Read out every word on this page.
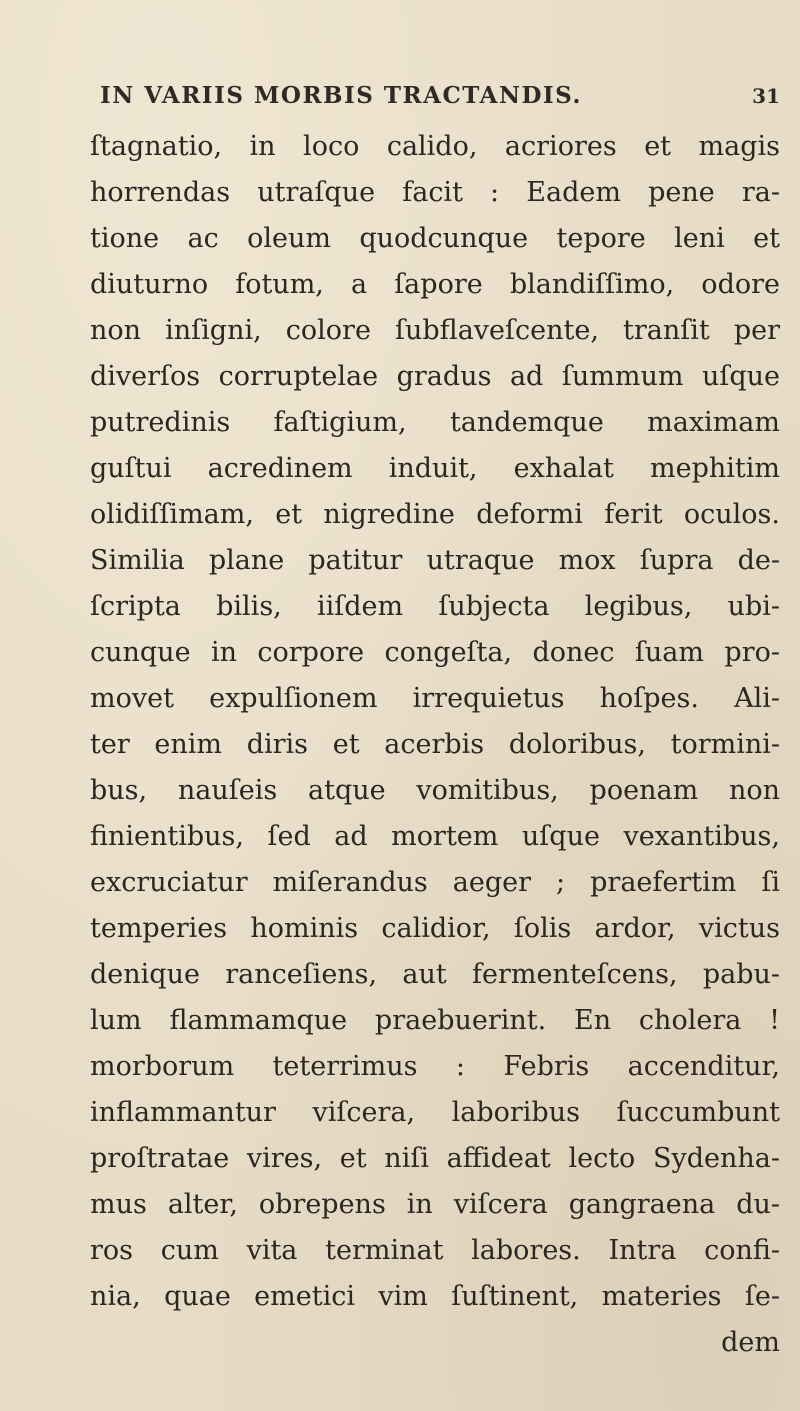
IN VARIIS MORBIS TRACTANDIS.	31
ſtagnatio, in loco calido, acriores et magis
horrendas utraſque facit : Eadem pene ra-
tione ac oleum quodcunque tepore leni et
diuturno fotum, a ſapore blandiſſimo, odore
non inſigni, colore ſubflaveſcente, tranſit per
diverſos corruptelae gradus ad ſummum uſque
putredinis faſtigium, tandemque maximam
guſtui acredinem induit, exhalat mephitim
olidiſſimam, et nigredine deformi ferit oculos.
Similia plane patitur utraque mox ſupra de-
ſcripta bilis, iiſdem ſubjecta legibus, ubi-
cunque in corpore congeſta, donec ſuam pro-
movet expulſionem irrequietus hoſpes. Ali-
ter enim diris et acerbis doloribus, tormini-
bus, nauſeis atque vomitibus, poenam non
finientibus, ſed ad mortem uſque vexantibus,
excruciatur miſerandus aeger ; praefertim ſi
temperies hominis calidior, ſolis ardor, victus
denique ranceſiens, aut fermenteſcens, pabu-
lum flammamque praebuerint. En cholera !
morborum teterrimus : Febris accenditur,
inflammantur viſcera, laboribus ſuccumbunt
proſtratae vires, et niſi affideat lecto Sydenha-
mus alter, obrepens in viſcera gangraena du-
ros cum vita terminat labores. Intra confi-
nia, quae emetici vim ſuſtinent, materies ſe-
dem
